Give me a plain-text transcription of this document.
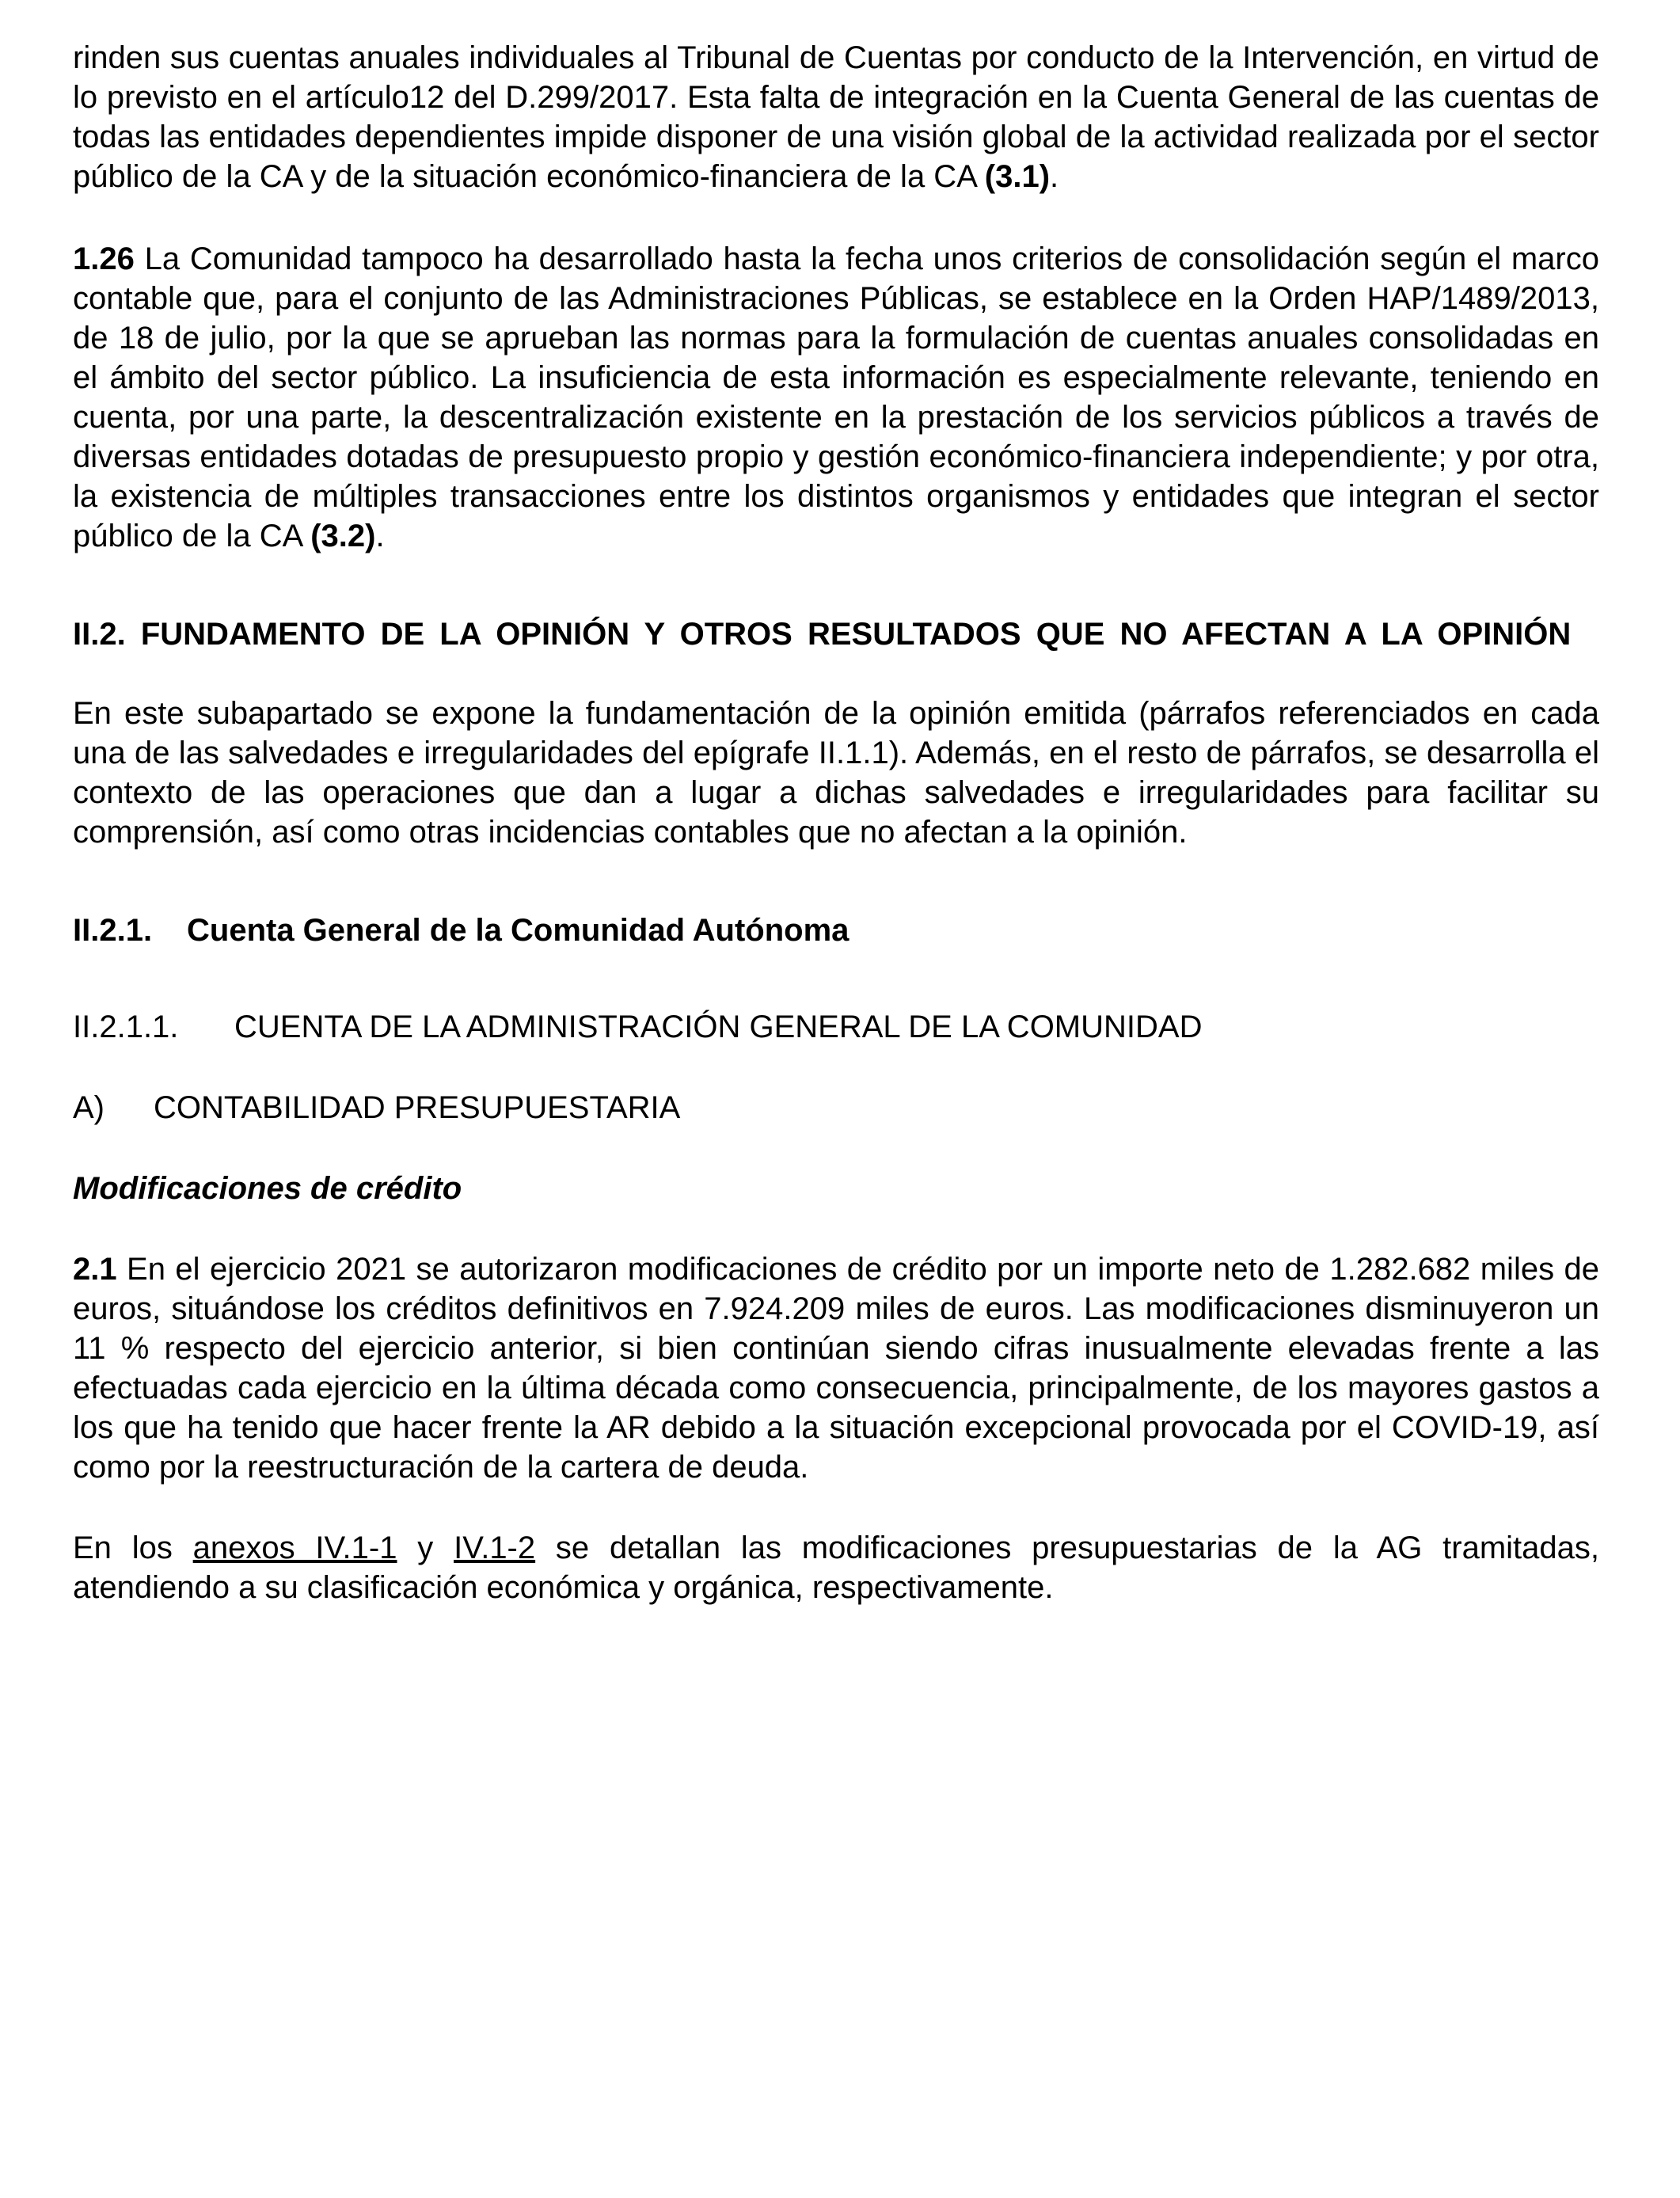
rinden sus cuentas anuales individuales al Tribunal de Cuentas por conducto de la Intervención, en virtud de lo previsto en el artículo12 del D.299/2017. Esta falta de integración en la Cuenta General de las cuentas de todas las entidades dependientes impide disponer de una visión global de la actividad realizada por el sector público de la CA y de la situación económico-financiera de la CA (3.1).

1.26 La Comunidad tampoco ha desarrollado hasta la fecha unos criterios de consolidación según el marco contable que, para el conjunto de las Administraciones Públicas, se establece en la Orden HAP/1489/2013, de 18 de julio, por la que se aprueban las normas para la formulación de cuentas anuales consolidadas en el ámbito del sector público. La insuficiencia de esta información es especialmente relevante, teniendo en cuenta, por una parte, la descentralización existente en la prestación de los servicios públicos a través de diversas entidades dotadas de presupuesto propio y gestión económico-financiera independiente; y por otra, la existencia de múltiples transacciones entre los distintos organismos y entidades que integran el sector público de la CA (3.2).

II.2. FUNDAMENTO DE LA OPINIÓN Y OTROS RESULTADOS QUE NO AFECTAN A LA OPINIÓN

En este subapartado se expone la fundamentación de la opinión emitida (párrafos referenciados en cada una de las salvedades e irregularidades del epígrafe II.1.1). Además, en el resto de párrafos, se desarrolla el contexto de las operaciones que dan a lugar a dichas salvedades e irregularidades para facilitar su comprensión, así como otras incidencias contables que no afectan a la opinión.

II.2.1. Cuenta General de la Comunidad Autónoma

II.2.1.1. CUENTA DE LA ADMINISTRACIÓN GENERAL DE LA COMUNIDAD

A) CONTABILIDAD PRESUPUESTARIA

Modificaciones de crédito

2.1 En el ejercicio 2021 se autorizaron modificaciones de crédito por un importe neto de 1.282.682 miles de euros, situándose los créditos definitivos en 7.924.209 miles de euros. Las modificaciones disminuyeron un 11 % respecto del ejercicio anterior, si bien continúan siendo cifras inusualmente elevadas frente a las efectuadas cada ejercicio en la última década como consecuencia, principalmente, de los mayores gastos a los que ha tenido que hacer frente la AR debido a la situación excepcional provocada por el COVID-19, así como por la reestructuración de la cartera de deuda.

En los anexos IV.1-1 y IV.1-2 se detallan las modificaciones presupuestarias de la AG tramitadas, atendiendo a su clasificación económica y orgánica, respectivamente.
